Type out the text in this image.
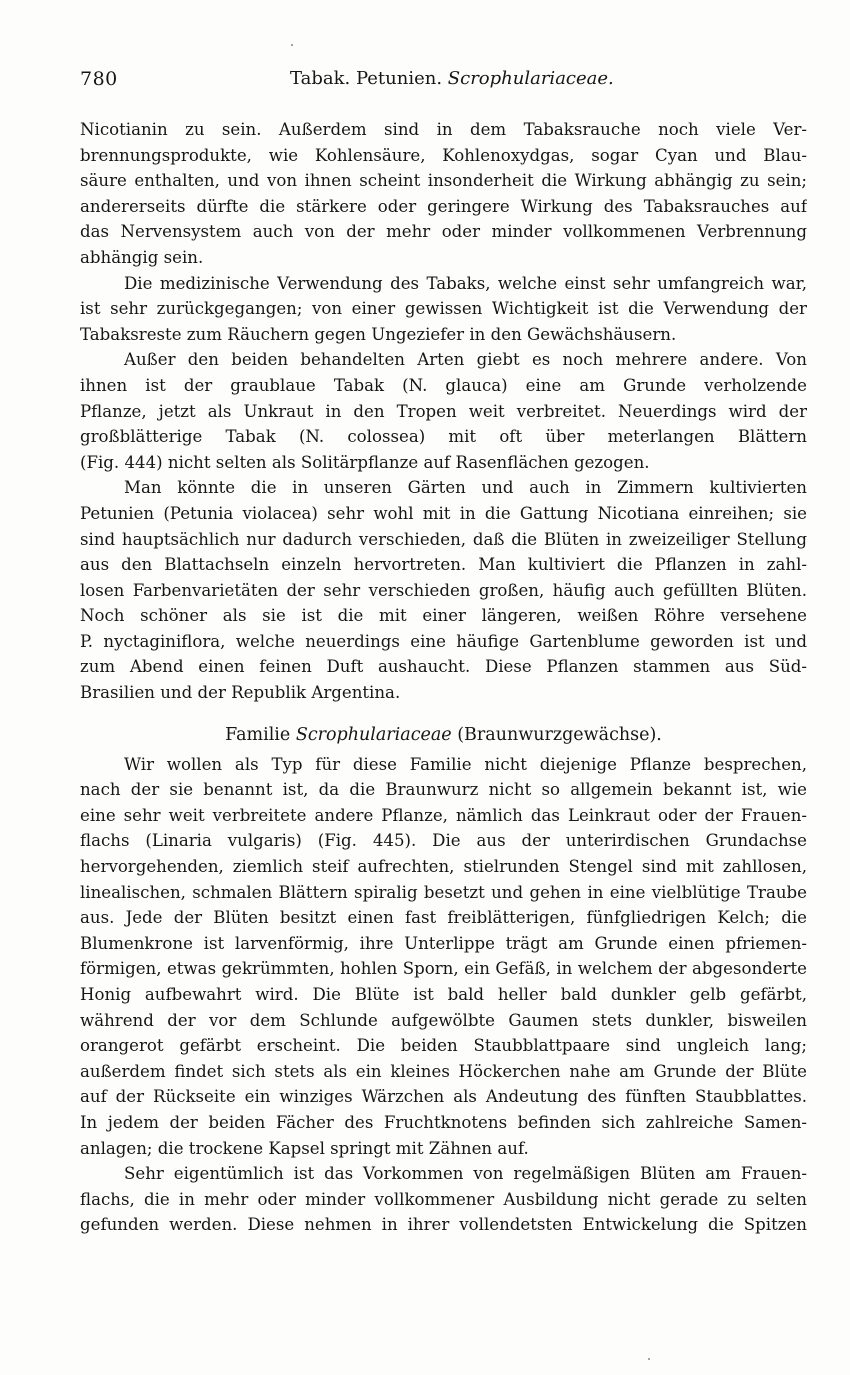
780	Tabak. Petunien. Scrophulariaceae.
Nicotianin zu sein. Außerdem sind in dem Tabaksrauche noch viele Ver-
brennungsprodukte, wie Kohlensäure, Kohlenoxydgas, sogar Cyan und Blau-
säure enthalten, und von ihnen scheint insonderheit die Wirkung abhängig zu sein;
andererseits dürfte die stärkere oder geringere Wirkung des Tabaksrauches auf
das Nervensystem auch von der mehr oder minder vollkommenen Verbrennung
abhängig sein.
Die medizinische Verwendung des Tabaks, welche einst sehr umfangreich war,
ist sehr zurückgegangen; von einer gewissen Wichtigkeit ist die Verwendung der
Tabaksreste zum Räuchern gegen Ungeziefer in den Gewächshäusern.
Außer den beiden behandelten Arten giebt es noch mehrere andere. Von
ihnen ist der graublaue Tabak (N. glauca) eine am Grunde verholzende
Pflanze, jetzt als Unkraut in den Tropen weit verbreitet. Neuerdings wird der
großblätterige Tabak (N. colossea) mit oft über meterlangen Blättern
(Fig. 444) nicht selten als Solitärpflanze auf Rasenflächen gezogen.
Man könnte die in unseren Gärten und auch in Zimmern kultivierten
Petunien (Petunia violacea) sehr wohl mit in die Gattung Nicotiana einreihen; sie
sind hauptsächlich nur dadurch verschieden, daß die Blüten in zweizeiliger Stellung
aus den Blattachseln einzeln hervortreten. Man kultiviert die Pflanzen in zahl-
losen Farbenvarietäten der sehr verschieden großen, häufig auch gefüllten Blüten.
Noch schöner als sie ist die mit einer längeren, weißen Röhre versehene
P. nyctaginiflora, welche neuerdings eine häufige Gartenblume geworden ist und
zum Abend einen feinen Duft aushaucht. Diese Pflanzen stammen aus Süd-
Brasilien und der Republik Argentina.
Familie Scrophulariaceae (Braunwurzgewächse).
Wir wollen als Typ für diese Familie nicht diejenige Pflanze besprechen,
nach der sie benannt ist, da die Braunwurz nicht so allgemein bekannt ist, wie
eine sehr weit verbreitete andere Pflanze, nämlich das Leinkraut oder der Frauen-
flachs (Linaria vulgaris) (Fig. 445). Die aus der unterirdischen Grundachse
hervorgehenden, ziemlich steif aufrechten, stielrunden Stengel sind mit zahllosen,
linealischen, schmalen Blättern spiralig besetzt und gehen in eine vielblütige Traube
aus. Jede der Blüten besitzt einen fast freiblätterigen, fünfgliedrigen Kelch; die
Blumenkrone ist larvenförmig, ihre Unterlippe trägt am Grunde einen pfriemen-
förmigen, etwas gekrümmten, hohlen Sporn, ein Gefäß, in welchem der abgesonderte
Honig aufbewahrt wird. Die Blüte ist bald heller bald dunkler gelb gefärbt,
während der vor dem Schlunde aufgewölbte Gaumen stets dunkler, bisweilen
orangerot gefärbt erscheint. Die beiden Staubblattpaare sind ungleich lang;
außerdem findet sich stets als ein kleines Höckerchen nahe am Grunde der Blüte
auf der Rückseite ein winziges Wärzchen als Andeutung des fünften Staubblattes.
In jedem der beiden Fächer des Fruchtknotens befinden sich zahlreiche Samen-
anlagen; die trockene Kapsel springt mit Zähnen auf.
Sehr eigentümlich ist das Vorkommen von regelmäßigen Blüten am Frauen-
flachs, die in mehr oder minder vollkommener Ausbildung nicht gerade zu selten
gefunden werden. Diese nehmen in ihrer vollendetsten Entwickelung die Spitzen
